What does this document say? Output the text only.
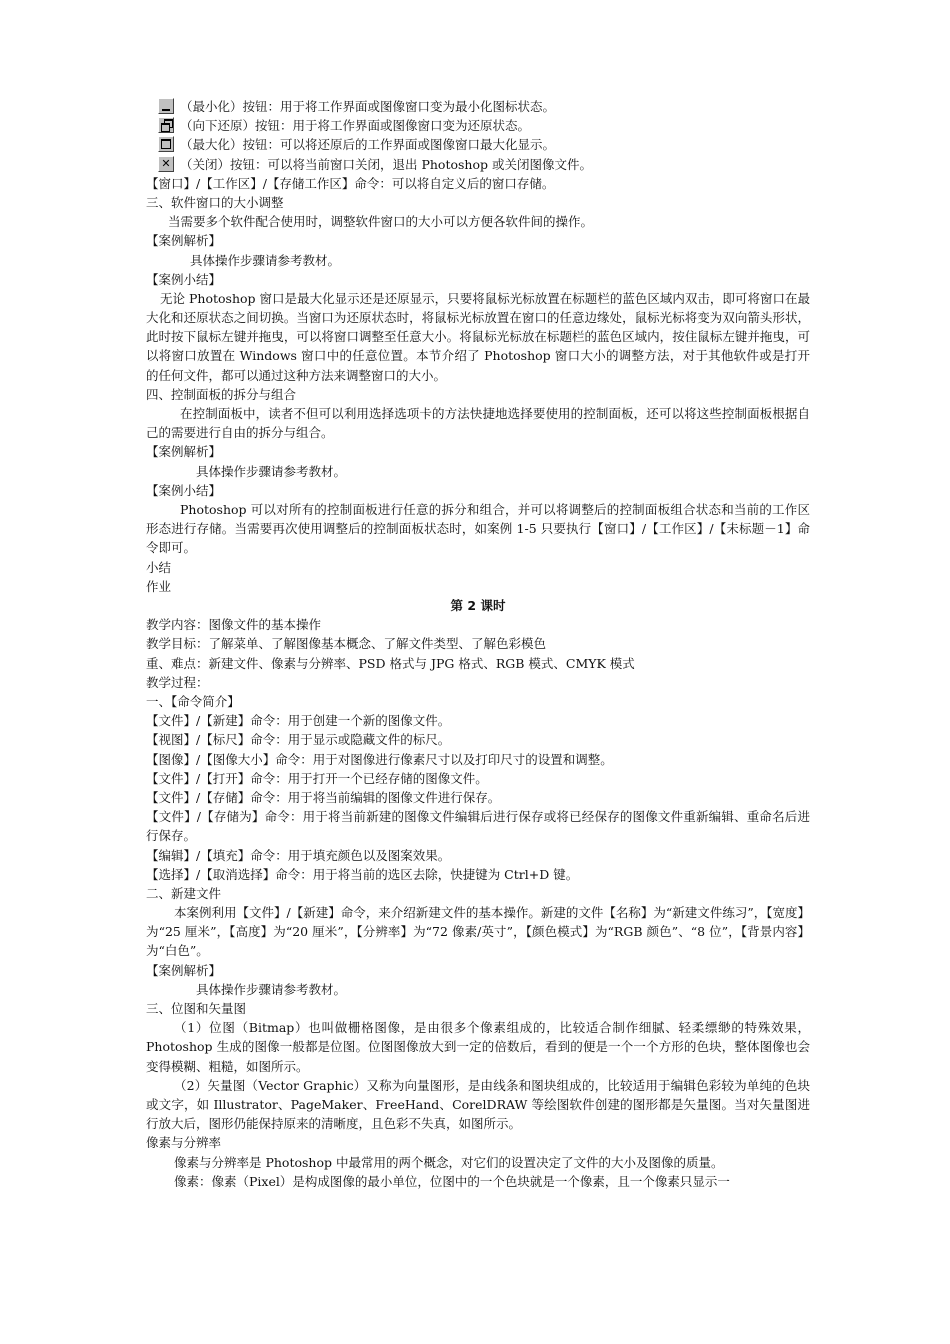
（最小化）按钮：用于将工作界面或图像窗口变为最小化图标状态。
（向下还原）按钮：用于将工作界面或图像窗口变为还原状态。
（最大化）按钮：可以将还原后的工作界面或图像窗口最大化显示。
✕ （关闭）按钮：可以将当前窗口关闭，退出 Photoshop 或关闭图像文件。
【窗口】/【工作区】/【存储工作区】命令：可以将自定义后的窗口存储。
三、软件窗口的大小调整
当需要多个软件配合使用时，调整软件窗口的大小可以方便各软件间的操作。
【案例解析】
具体操作步骤请参考教材。
【案例小结】
无论 Photoshop 窗口是最大化显示还是还原显示，只要将鼠标光标放置在标题栏的蓝色区域内双击，即可将窗口在最大化和还原状态之间切换。当窗口为还原状态时，将鼠标光标放置在窗口的任意边缘处，鼠标光标将变为双向箭头形状，此时按下鼠标左键并拖曳，可以将窗口调整至任意大小。将鼠标光标放在标题栏的蓝色区域内，按住鼠标左键并拖曳，可以将窗口放置在 Windows 窗口中的任意位置。本节介绍了 Photoshop 窗口大小的调整方法，对于其他软件或是打开的任何文件，都可以通过这种方法来调整窗口的大小。
四、控制面板的拆分与组合
在控制面板中，读者不但可以利用选择选项卡的方法快捷地选择要使用的控制面板，还可以将这些控制面板根据自己的需要进行自由的拆分与组合。
【案例解析】
具体操作步骤请参考教材。
【案例小结】
Photoshop 可以对所有的控制面板进行任意的拆分和组合，并可以将调整后的控制面板组合状态和当前的工作区形态进行存储。当需要再次使用调整后的控制面板状态时，如案例 1-5 只要执行【窗口】/【工作区】/【未标题－1】命令即可。
小结
作业
第 2 课时
教学内容：图像文件的基本操作
教学目标：了解菜单、了解图像基本概念、了解文件类型、了解色彩模色
重、难点：新建文件、像素与分辨率、PSD 格式与 JPG 格式、RGB 模式、CMYK 模式
教学过程：
一、【命令简介】
【文件】/【新建】命令：用于创建一个新的图像文件。
【视图】/【标尺】命令：用于显示或隐藏文件的标尺。
【图像】/【图像大小】命令：用于对图像进行像素尺寸以及打印尺寸的设置和调整。
【文件】/【打开】命令：用于打开一个已经存储的图像文件。
【文件】/【存储】命令：用于将当前编辑的图像文件进行保存。
【文件】/【存储为】命令：用于将当前新建的图像文件编辑后进行保存或将已经保存的图像文件重新编辑、重命名后进行保存。
【编辑】/【填充】命令：用于填充颜色以及图案效果。
【选择】/【取消选择】命令：用于将当前的选区去除，快捷键为 Ctrl+D 键。
二、新建文件
本案例利用【文件】/【新建】命令，来介绍新建文件的基本操作。新建的文件【名称】为“新建文件练习”，【宽度】为“25 厘米”，【高度】为“20 厘米”，【分辨率】为“72 像素/英寸”，【颜色模式】为“RGB 颜色”、“8 位”，【背景内容】为“白色”。
【案例解析】
具体操作步骤请参考教材。
三、位图和矢量图
（1）位图（Bitmap）也叫做栅格图像，是由很多个像素组成的，比较适合制作细腻、轻柔缥缈的特殊效果，Photoshop 生成的图像一般都是位图。位图图像放大到一定的倍数后，看到的便是一个一个方形的色块，整体图像也会变得模糊、粗糙，如图所示。
（2）矢量图（Vector Graphic）又称为向量图形，是由线条和图块组成的，比较适用于编辑色彩较为单纯的色块或文字，如 Illustrator、PageMaker、FreeHand、CorelDRAW 等绘图软件创建的图形都是矢量图。当对矢量图进行放大后，图形仍能保持原来的清晰度，且色彩不失真，如图所示。
像素与分辨率
像素与分辨率是 Photoshop 中最常用的两个概念，对它们的设置决定了文件的大小及图像的质量。
像素：像素（Pixel）是构成图像的最小单位，位图中的一个色块就是一个像素，且一个像素只显示一
